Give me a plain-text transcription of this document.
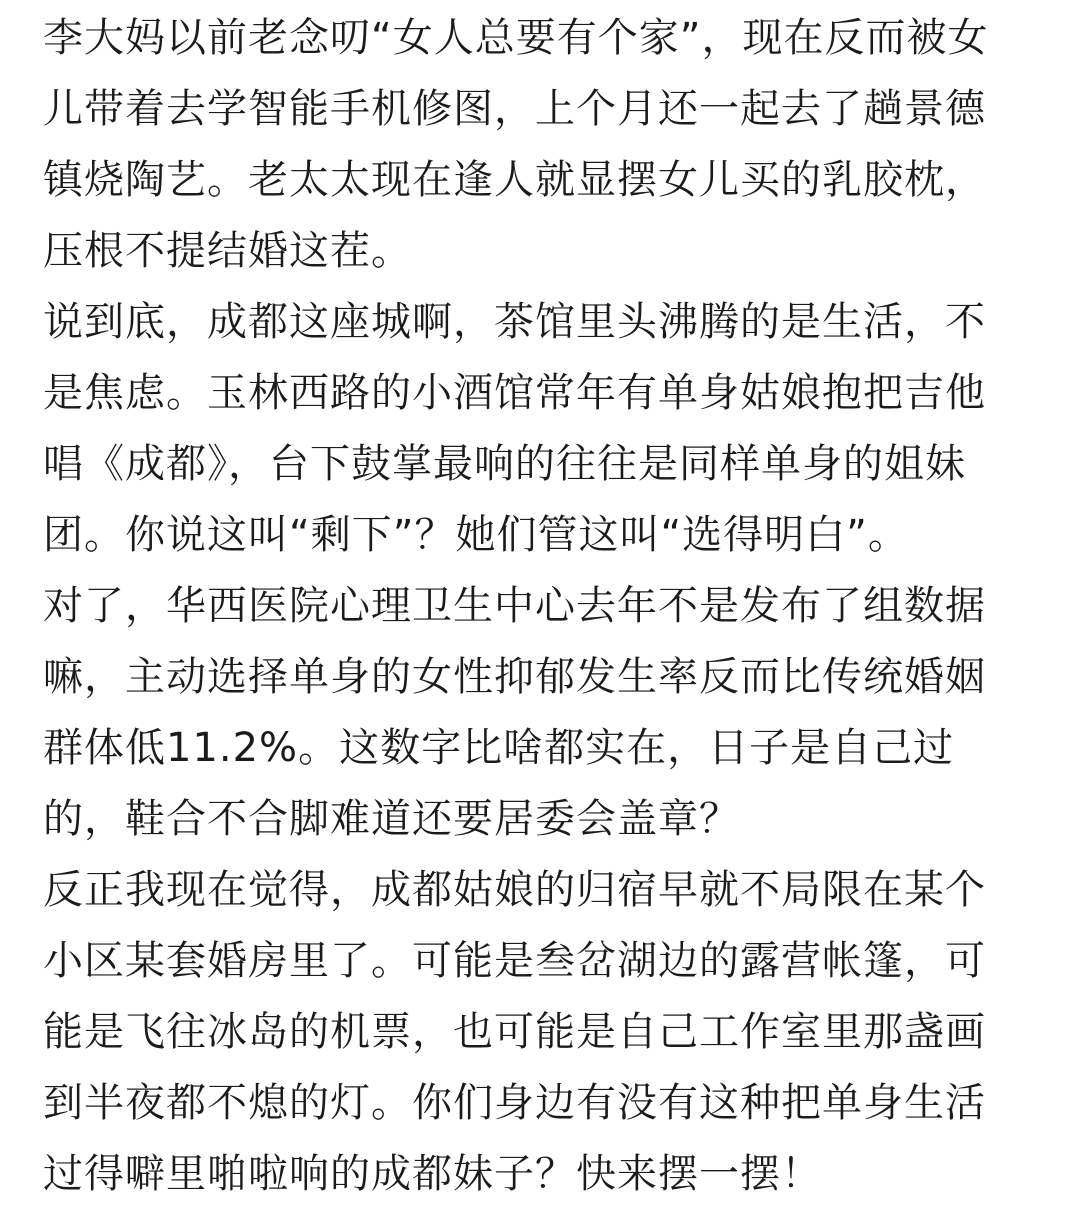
李大妈以前老念叨“女人总要有个家”，现在反而被女
儿带着去学智能手机修图，上个月还一起去了趟景德
镇烧陶艺。老太太现在逢人就显摆女儿买的乳胶枕，
压根不提结婚这茬。
说到底，成都这座城啊，茶馆里头沸腾的是生活，不
是焦虑。玉林西路的小酒馆常年有单身姑娘抱把吉他
唱《成都》，台下鼓掌最响的往往是同样单身的姐妹
团。你说这叫“剩下”？她们管这叫“选得明白”。
对了，华西医院心理卫生中心去年不是发布了组数据
嘛，主动选择单身的女性抑郁发生率反而比传统婚姻
群体低11.2%。这数字比啥都实在，日子是自己过
的，鞋合不合脚难道还要居委会盖章？
反正我现在觉得，成都姑娘的归宿早就不局限在某个
小区某套婚房里了。可能是叁岔湖边的露营帐篷，可
能是飞往冰岛的机票，也可能是自己工作室里那盏画
到半夜都不熄的灯。你们身边有没有这种把单身生活
过得噼里啪啦响的成都妹子？快来摆一摆！
